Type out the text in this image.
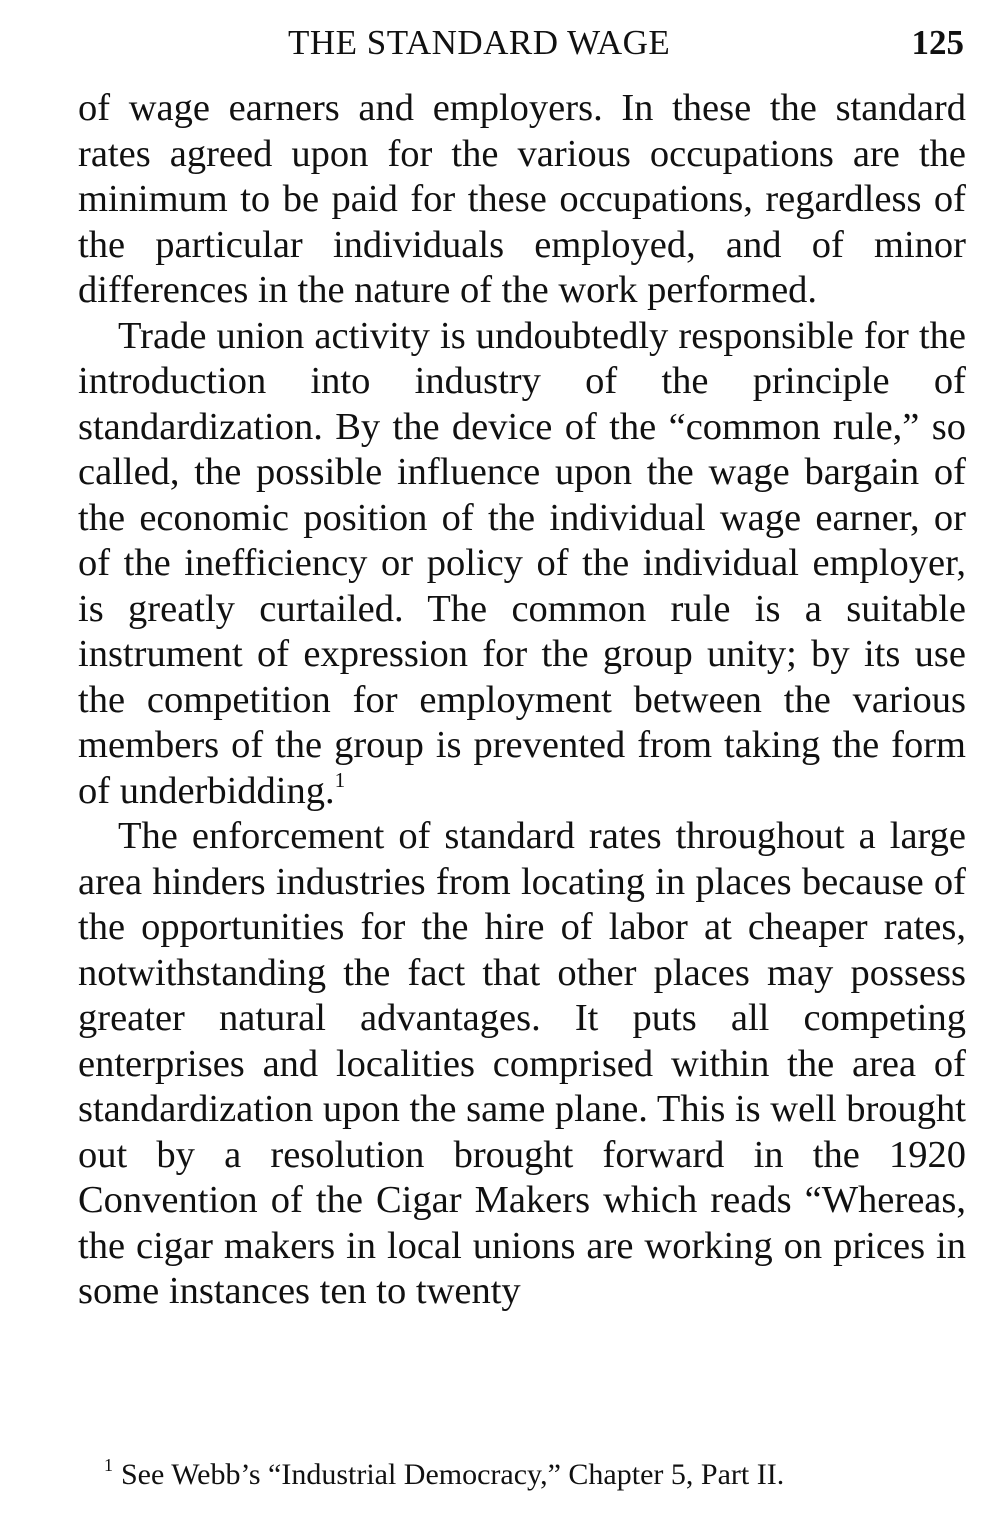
THE STANDARD WAGE	125

of wage earners and employers. In these the standard rates agreed upon for the various occupations are the minimum to be paid for these occupations, regardless of the particular individuals employed, and of minor differences in the nature of the work performed.

Trade union activity is undoubtedly responsible for the introduction into industry of the principle of standardization. By the device of the “common rule,” so called, the possible influence upon the wage bargain of the economic position of the individual wage earner, or of the inefficiency or policy of the individual employer, is greatly curtailed. The common rule is a suitable instrument of expression for the group unity; by its use the competition for employment between the various members of the group is prevented from taking the form of underbidding.$^1$

The enforcement of standard rates throughout a large area hinders industries from locating in places because of the opportunities for the hire of labor at cheaper rates, notwithstanding the fact that other places may possess greater natural advantages. It puts all competing enterprises and localities comprised within the area of standardization upon the same plane. This is well brought out by a resolution brought forward in the 1920 Convention of the Cigar Makers which reads “Whereas, the cigar makers in local unions are working on prices in some instances ten to twenty

$^1$ See Webb’s “Industrial Democracy,” Chapter 5, Part II.
